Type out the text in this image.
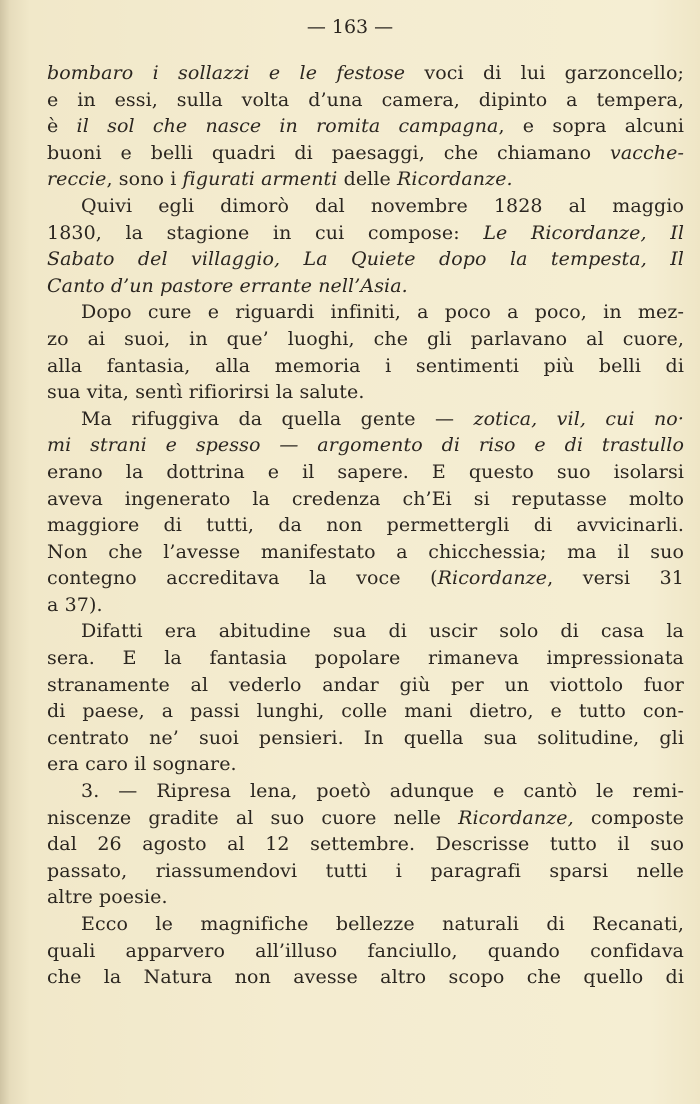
— 163 —
bombaro i sollazzi e le festose voci di lui garzoncello;
e in essi, sulla volta d’una camera, dipinto a tempera,
è il sol che nasce in romita campagna, e sopra alcuni
buoni e belli quadri di paesaggi, che chiamano vacche-
reccie, sono i figurati armenti delle Ricordanze.
Quivi egli dimorò dal novembre 1828 al maggio
1830, la stagione in cui compose: Le Ricordanze, Il
Sabato del villaggio, La Quiete dopo la tempesta, Il
Canto d’un pastore errante nell’Asia.
Dopo cure e riguardi infiniti, a poco a poco, in mez-
zo ai suoi, in que’ luoghi, che gli parlavano al cuore,
alla fantasia, alla memoria i sentimenti più belli di
sua vita, sentì rifiorirsi la salute.
Ma rifuggiva da quella gente — zotica, vil, cui no·
mi strani e spesso — argomento di riso e di trastullo
erano la dottrina e il sapere. E questo suo isolarsi
aveva ingenerato la credenza ch’Ei si reputasse molto
maggiore di tutti, da non permettergli di avvicinarli.
Non che l’avesse manifestato a chicchessia; ma il suo
contegno accreditava la voce (Ricordanze, versi 31
a 37).
Difatti era abitudine sua di uscir solo di casa la
sera. E la fantasia popolare rimaneva impressionata
stranamente al vederlo andar giù per un viottolo fuor
di paese, a passi lunghi, colle mani dietro, e tutto con-
centrato ne’ suoi pensieri. In quella sua solitudine, gli
era caro il sognare.
3. — Ripresa lena, poetò adunque e cantò le remi-
niscenze gradite al suo cuore nelle Ricordanze, composte
dal 26 agosto al 12 settembre. Descrisse tutto il suo
passato, riassumendovi tutti i paragrafi sparsi nelle
altre poesie.
Ecco le magnifiche bellezze naturali di Recanati,
quali apparvero all’illuso fanciullo, quando confidava
che la Natura non avesse altro scopo che quello di
